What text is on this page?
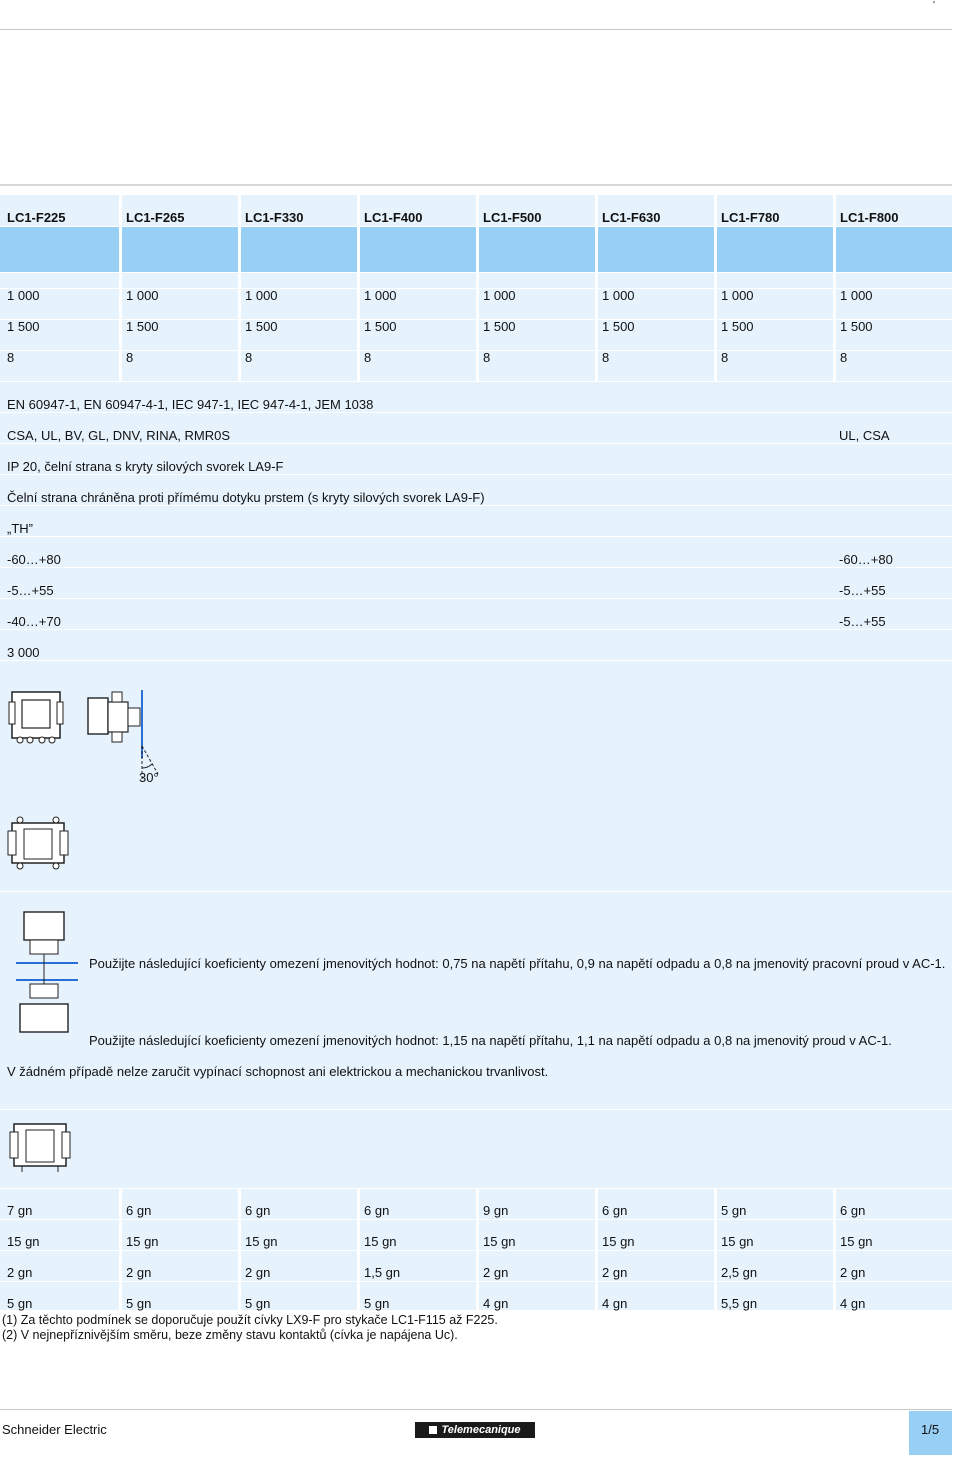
'
LC1-F225	LC1-F265	LC1-F330	LC1-F400	LC1-F500	LC1-F630	LC1-F780	LC1-F800
1 000	1 000	1 000	1 000	1 000	1 000	1 000	1 000
1 500	1 500	1 500	1 500	1 500	1 500	1 500	1 500
8	8	8	8	8	8	8	8
EN 60947-1, EN 60947-4-1, IEC 947-1, IEC 947-4-1, JEM 1038
CSA, UL, BV, GL, DNV, RINA, RMR0S	UL, CSA
IP 20, čelní strana s kryty silových svorek LA9-F
Čelní strana chráněna proti přímému dotyku prstem (s kryty silových svorek LA9-F)
„TH”
-60…+80	-60…+80
-5…+55	-5…+55
-40…+70	-5…+55
3 000
30°
Použijte následující koeficienty omezení jmenovitých hodnot: 0,75 na napětí přítahu, 0,9 na napětí odpadu a 0,8 na jmenovitý pracovní proud v AC-1.
Použijte následující koeficienty omezení jmenovitých hodnot: 1,15 na napětí přítahu, 1,1 na napětí odpadu a 0,8 na jmenovitý proud v AC-1.
V žádném případě nelze zaručit vypínací schopnost ani elektrickou a mechanickou trvanlivost.
7 gn	6 gn	6 gn	6 gn	9 gn	6 gn	5 gn	6 gn
15 gn	15 gn	15 gn	15 gn	15 gn	15 gn	15 gn	15 gn
2 gn	2 gn	2 gn	1,5 gn	2 gn	2 gn	2,5 gn	2 gn
5 gn	5 gn	5 gn	5 gn	4 gn	4 gn	5,5 gn	4 gn
(1) Za těchto podmínek se doporučuje použít cívky LX9-F pro stykače LC1-F115 až F225.
(2) V nejnepříznivějším směru, beze změny stavu kontaktů (cívka je napájena Uc).
Schneider Electric	Telemecanique	1/5
